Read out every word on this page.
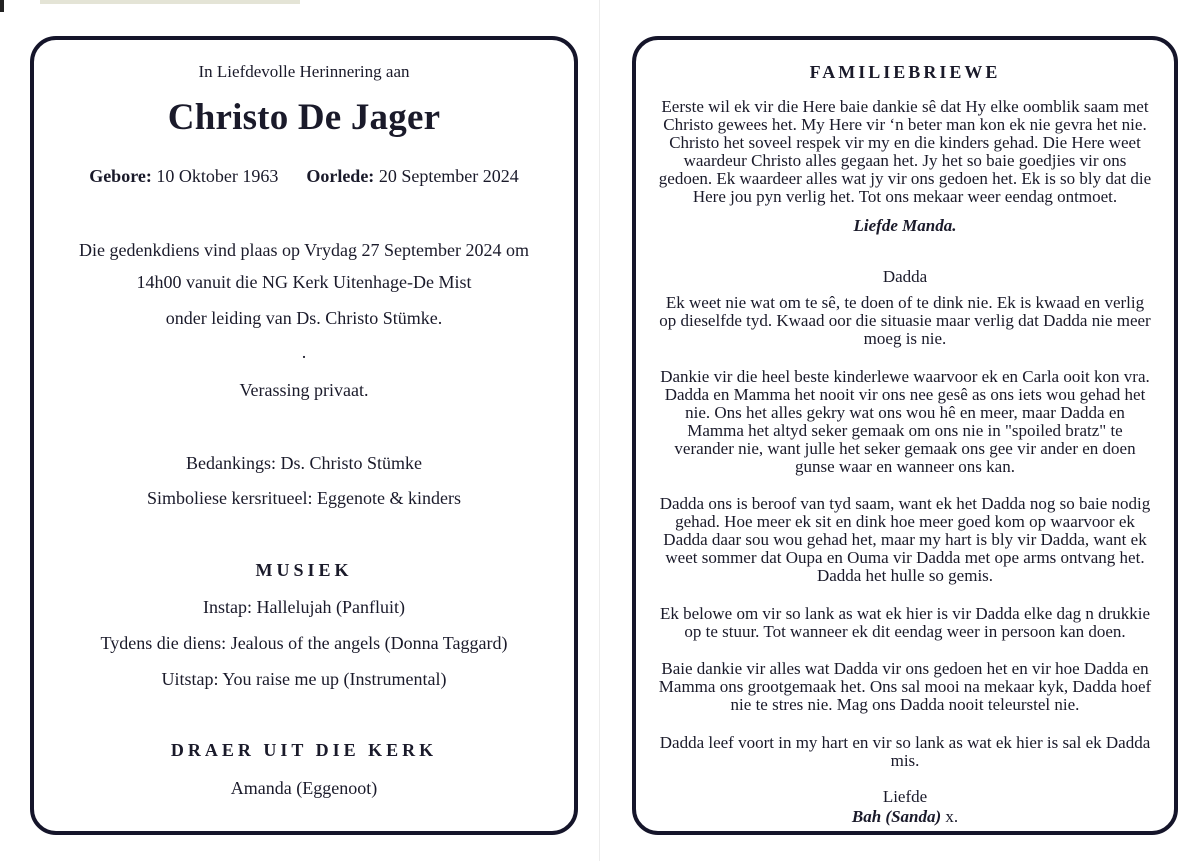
In Liefdevolle Herinnering aan
Christo De Jager
Gebore: 10 Oktober 1963 Oorlede: 20 September 2024
Die gedenkdiens vind plaas op Vrydag 27 September 2024 om
14h00 vanuit die NG Kerk Uitenhage-De Mist
onder leiding van Ds. Christo Stümke.
.
Verassing privaat.
Bedankings: Ds. Christo Stümke
Simboliese kersritueel: Eggenote & kinders
MUSIEK
Instap: Hallelujah (Panfluit)
Tydens die diens: Jealous of the angels (Donna Taggard)
Uitstap: You raise me up (Instrumental)
DRAER UIT DIE KERK
Amanda (Eggenoot)
FAMILIEBRIEWE
Eerste wil ek vir die Here baie dankie sê dat Hy elke oomblik saam met Christo gewees het. My Here vir ‘n beter man kon ek nie gevra het nie. Christo het soveel respek vir my en die kinders gehad. Die Here weet waardeur Christo alles gegaan het. Jy het so baie goedjies vir ons gedoen. Ek waardeer alles wat jy vir ons gedoen het. Ek is so bly dat die Here jou pyn verlig het. Tot ons mekaar weer eendag ontmoet.
Liefde Manda.
Dadda
Ek weet nie wat om te sê, te doen of te dink nie. Ek is kwaad en verlig op dieselfde tyd. Kwaad oor die situasie maar verlig dat Dadda nie meer moeg is nie.
Dankie vir die heel beste kinderlewe waarvoor ek en Carla ooit kon vra. Dadda en Mamma het nooit vir ons nee gesê as ons iets wou gehad het nie. Ons het alles gekry wat ons wou hê en meer, maar Dadda en Mamma het altyd seker gemaak om ons nie in "spoiled bratz" te verander nie, want julle het seker gemaak ons gee vir ander en doen gunse waar en wanneer ons kan.
Dadda ons is beroof van tyd saam, want ek het Dadda nog so baie nodig gehad. Hoe meer ek sit en dink hoe meer goed kom op waarvoor ek Dadda daar sou wou gehad het, maar my hart is bly vir Dadda, want ek weet sommer dat Oupa en Ouma vir Dadda met ope arms ontvang het. Dadda het hulle so gemis.
Ek belowe om vir so lank as wat ek hier is vir Dadda elke dag n drukkie op te stuur. Tot wanneer ek dit eendag weer in persoon kan doen.
Baie dankie vir alles wat Dadda vir ons gedoen het en vir hoe Dadda en Mamma ons grootgemaak het. Ons sal mooi na mekaar kyk, Dadda hoef nie te stres nie. Mag ons Dadda nooit teleurstel nie.
Dadda leef voort in my hart en vir so lank as wat ek hier is sal ek Dadda mis.
Liefde
Bah (Sanda) x.
